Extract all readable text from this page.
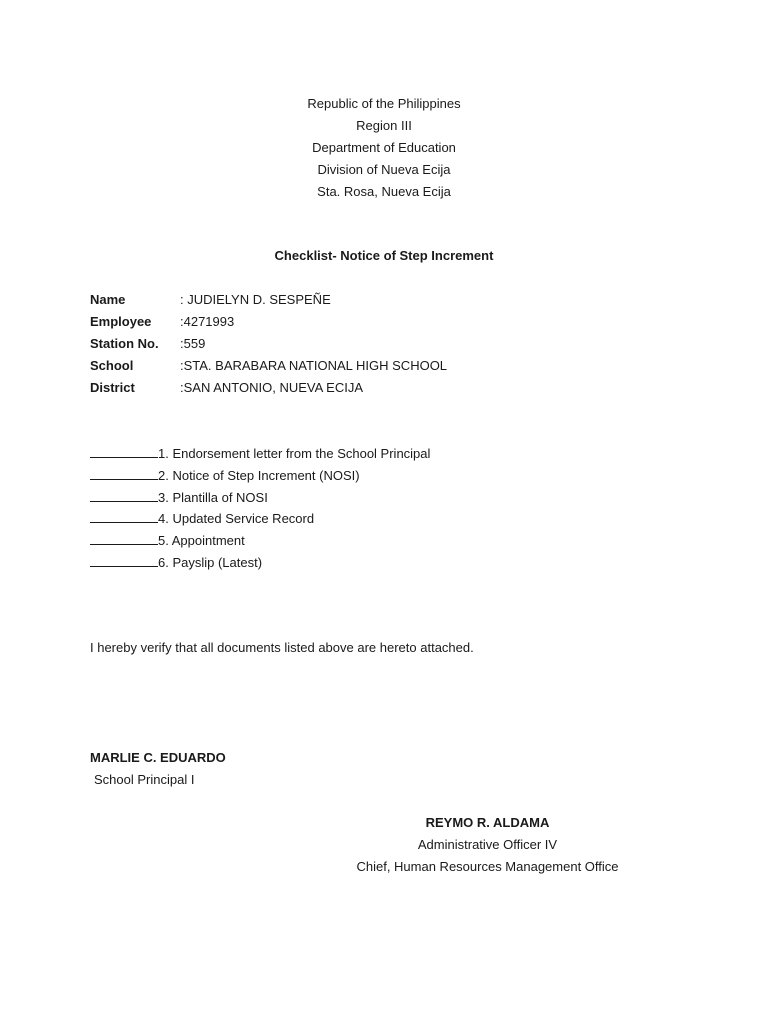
Republic of the Philippines
Region III
Department of Education
Division of Nueva Ecija
Sta. Rosa, Nueva Ecija
Checklist- Notice of Step Increment
Name	: JUDIELYN D. SESPEÑE
Employee :4271993
Station No. :559
School	:STA. BARABARA NATIONAL HIGH SCHOOL
District	:SAN ANTONIO, NUEVA ECIJA
1. Endorsement letter from the School Principal
2. Notice of Step Increment (NOSI)
3. Plantilla of NOSI
4. Updated Service Record
5. Appointment
6. Payslip (Latest)
I hereby verify that all documents listed above are hereto attached.
MARLIE C. EDUARDO
School Principal I
REYMO R. ALDAMA
Administrative Officer IV
Chief, Human Resources Management Office
